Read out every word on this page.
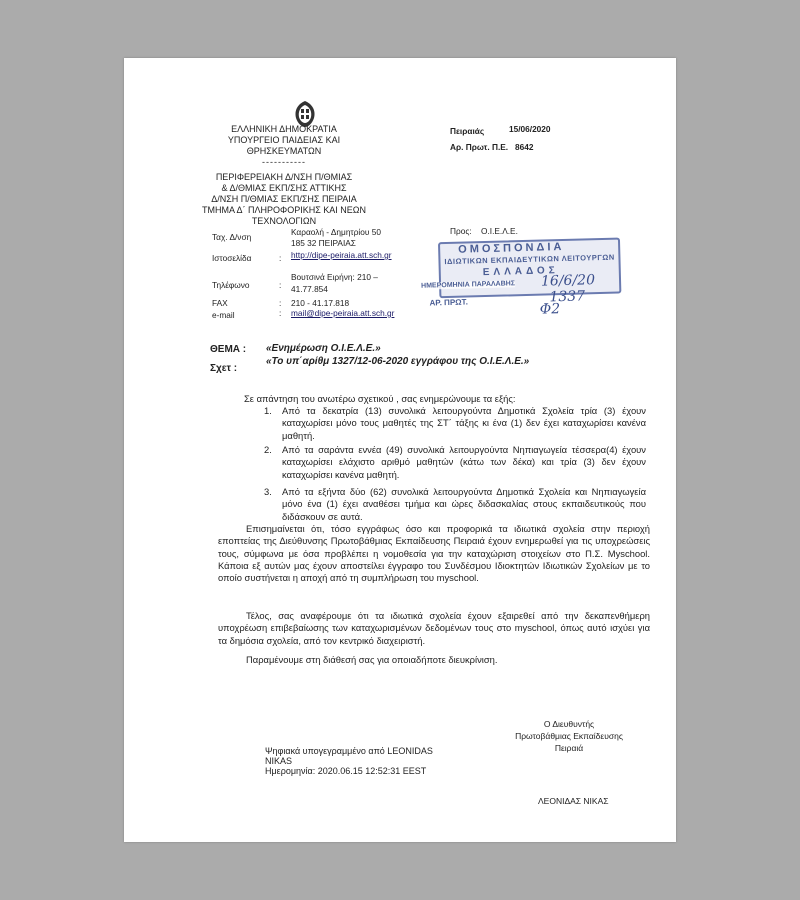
ΕΛΛΗΝΙΚΗ ΔΗΜΟΚΡΑΤΙΑ
ΥΠΟΥΡΓΕΙΟ ΠΑΙΔΕΙΑΣ ΚΑΙ ΘΡΗΣΚΕΥΜΑΤΩΝ
-----------
ΠΕΡΙΦΕΡΕΙΑΚΗ Δ/ΝΣΗ Π/ΘΜΙΑΣ
& Δ/ΘΜΙΑΣ ΕΚΠ/ΣΗΣ ΑΤΤΙΚΗΣ
Δ/ΝΣΗ Π/ΘΜΙΑΣ ΕΚΠ/ΣΗΣ ΠΕΙΡΑΙΑ
ΤΜΗΜΑ Δ΄ ΠΛΗΡΟΦΟΡΙΚΗΣ ΚΑΙ ΝΕΩΝ
ΤΕΧΝΟΛΟΓΙΩΝ
Πειραιάς	15/06/2020
Αρ. Πρωτ. Π.Ε. 8642
Ταχ. Δ/νση	Καραολή - Δημητρίου 50
185 32 ΠΕΙΡΑΙΑΣ
Ιστοσελίδα	: http://dipe-peiraia.att.sch.gr
Τηλέφωνο	:
Βουτσινά Ειρήνη: 210 –
41.77.854
FAX	: 210 - 41.17.818
e-mail	: mail@dipe-peiraia.att.sch.gr
Προς: Ο.Ι.Ε.Λ.Ε.
ΟΜΟΣΠΟΝΔΙΑ
ΙΔΙΩΤΙΚΩΝ ΕΚΠΑΙΔΕΥΤΙΚΩΝ ΛΕΙΤΟΥΡΓΩΝ
ΕΛΛΑΔΟΣ
ΗΜΕΡΟΜΗΝΙΑ ΠΑΡΑΛΑΒΗΣ
ΑΡ. ΠΡΩΤ.
16/6/20
1337
Φ2
ΘΕΜΑ : «Ενημέρωση Ο.Ι.Ε.Λ.Ε.»
Σχετ :
«Το υπ΄αρίθμ 1327/12-06-2020 εγγράφου της Ο.Ι.Ε.Λ.Ε.»
Σε απάντηση του ανωτέρω σχετικού , σας ενημερώνουμε τα εξής:
1. Από τα δεκατρία (13) συνολικά λειτουργούντα Δημοτικά Σχολεία τρία (3) έχουν καταχωρίσει μόνο τους μαθητές της ΣΤ΄ τάξης κι ένα (1) δεν έχει καταχωρίσει κανένα μαθητή.
2. Από τα σαράντα εννέα (49) συνολικά λειτουργούντα Νηπιαγωγεία τέσσερα(4) έχουν καταχωρίσει ελάχιστο αριθμό μαθητών (κάτω των δέκα) και τρία (3) δεν έχουν καταχωρίσει κανένα μαθητή.
3. Από τα εξήντα δύο (62) συνολικά λειτουργούντα Δημοτικά Σχολεία και Νηπιαγωγεία μόνο ένα (1) έχει αναθέσει τμήμα και ώρες διδασκαλίας στους εκπαιδευτικούς που διδάσκουν σε αυτά.
Επισημαίνεται ότι, τόσο εγγράφως όσο και προφορικά τα ιδιωτικά σχολεία στην περιοχή εποπτείας της Διεύθυνσης Πρωτοβάθμιας Εκπαίδευσης Πειραιά έχουν ενημερωθεί για τις υποχρεώσεις τους, σύμφωνα με όσα προβλέπει η νομοθεσία για την καταχώριση στοιχείων στο Π.Σ. Myschool. Κάποια εξ αυτών μας έχουν αποστείλει έγγραφο του Συνδέσμου Ιδιοκτητών Ιδιωτικών Σχολείων με το οποίο συστήνεται η αποχή από τη συμπλήρωση του myschool.
Τέλος, σας αναφέρουμε ότι τα ιδιωτικά σχολεία έχουν εξαιρεθεί από την δεκαπενθήμερη υποχρέωση επιβεβαίωσης των καταχωρισμένων δεδομένων τους στο myschool, όπως αυτό ισχύει για τα δημόσια σχολεία, από τον κεντρικό διαχειριστή.
Παραμένουμε στη διάθεσή σας για οποιαδήποτε διευκρίνιση.
Ο Διευθυντής
Πρωτοβάθμιας Εκπαίδευσης
Πειραιά
Ψηφιακά υπογεγραμμένο από LEONIDAS
NIKAS
Ημερομηνία: 2020.06.15 12:52:31 EEST
ΛΕΟΝΙΔΑΣ ΝΙΚΑΣ
